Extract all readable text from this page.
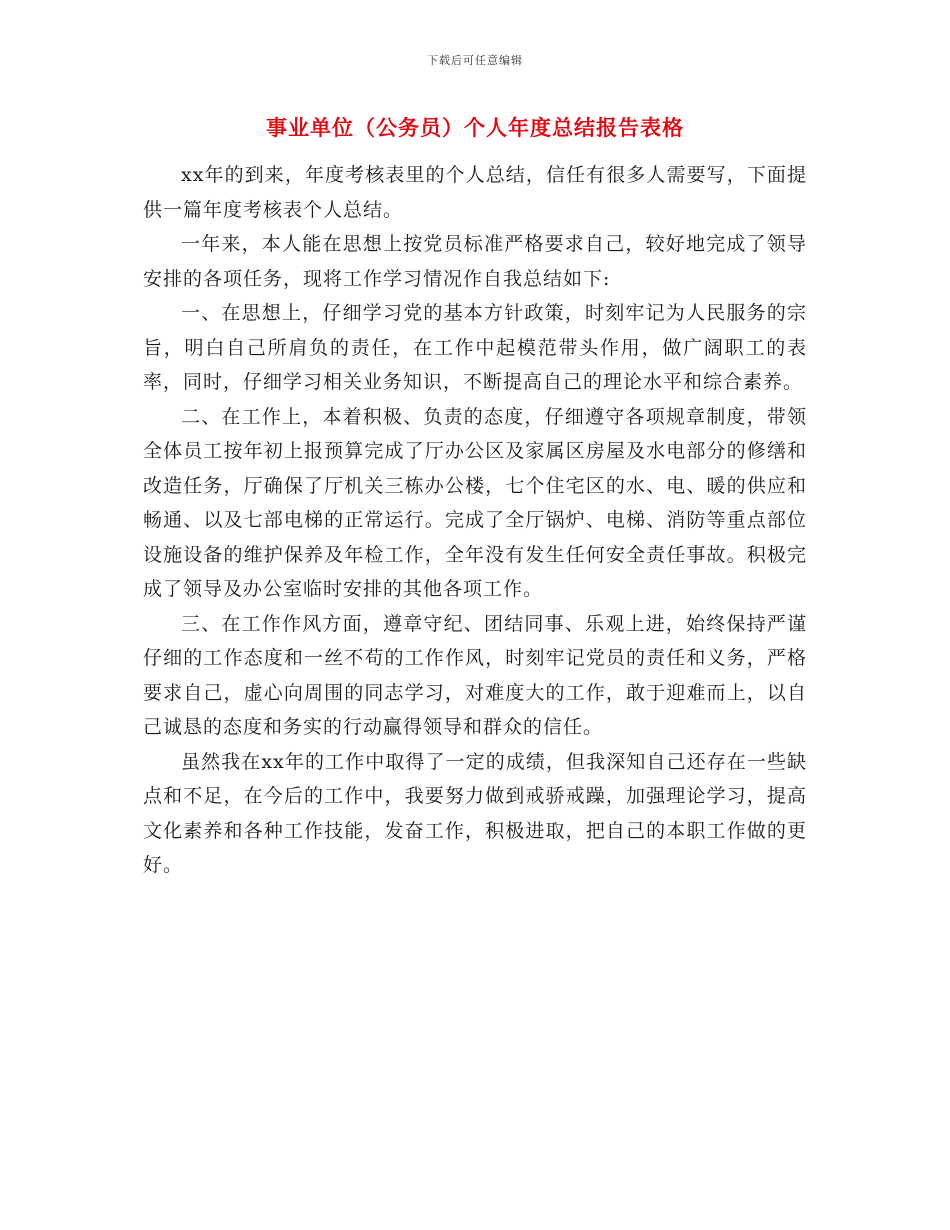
下载后可任意编辑
事业单位（公务员）个人年度总结报告表格

xx年的到来，年度考核表里的个人总结，信任有很多人需要写，下面提供一篇年度考核表个人总结。

一年来，本人能在思想上按党员标准严格要求自己，较好地完成了领导安排的各项任务，现将工作学习情况作自我总结如下:

一、在思想上，仔细学习党的基本方针政策，时刻牢记为人民服务的宗旨，明白自己所肩负的责任，在工作中起模范带头作用，做广阔职工的表率，同时，仔细学习相关业务知识，不断提高自己的理论水平和综合素养。

二、在工作上，本着积极、负责的态度，仔细遵守各项规章制度，带领全体员工按年初上报预算完成了厅办公区及家属区房屋及水电部分的修缮和改造任务，厅确保了厅机关三栋办公楼，七个住宅区的水、电、暖的供应和畅通、以及七部电梯的正常运行。完成了全厅锅炉、电梯、消防等重点部位设施设备的维护保养及年检工作，全年没有发生任何安全责任事故。积极完成了领导及办公室临时安排的其他各项工作。

三、在工作作风方面，遵章守纪、团结同事、乐观上进，始终保持严谨仔细的工作态度和一丝不苟的工作作风，时刻牢记党员的责任和义务，严格要求自己，虚心向周围的同志学习，对难度大的工作，敢于迎难而上，以自己诚恳的态度和务实的行动赢得领导和群众的信任。

虽然我在xx年的工作中取得了一定的成绩，但我深知自己还存在一些缺点和不足，在今后的工作中，我要努力做到戒骄戒躁，加强理论学习，提高文化素养和各种工作技能，发奋工作，积极进取，把自己的本职工作做的更好。
